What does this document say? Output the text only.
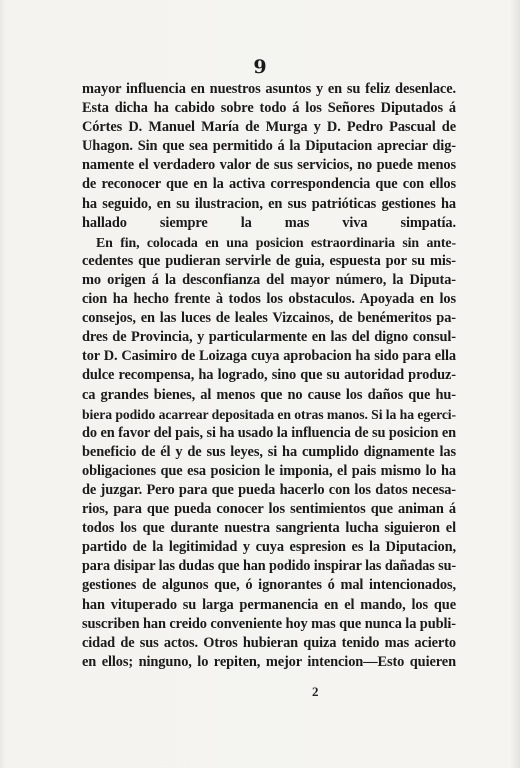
9
mayor influencia en nuestros asuntos y en su feliz desenlace.
Esta dicha ha cabido sobre todo á los Señores Diputados á
Córtes D. Manuel María de Murga y D. Pedro Pascual de
Uhagon. Sin que sea permitido á la Diputacion apreciar dig-
namente el verdadero valor de sus servicios, no puede menos
de reconocer que en la activa correspondencia que con ellos
ha seguido, en su ilustracion, en sus patrióticas gestiones ha
hallado siempre la mas viva simpatía.
En fin, colocada en una posicion estraordinaria sin ante-
cedentes que pudieran servirle de guia, espuesta por su mis-
mo origen á la desconfianza del mayor número, la Diputa-
cion ha hecho frente à todos los obstaculos. Apoyada en los
consejos, en las luces de leales Vizcainos, de benémeritos pa-
dres de Provincia, y particularmente en las del digno consul-
tor D. Casimiro de Loizaga cuya aprobacion ha sido para ella
dulce recompensa, ha logrado, sino que su autoridad produz-
ca grandes bienes, al menos que no cause los daños que hu-
biera podido acarrear depositada en otras manos. Si la ha egerci-
do en favor del pais, si ha usado la influencia de su posicion en
beneficio de él y de sus leyes, si ha cumplido dignamente las
obligaciones que esa posicion le imponia, el pais mismo lo ha
de juzgar. Pero para que pueda hacerlo con los datos necesa-
rios, para que pueda conocer los sentimientos que animan á
todos los que durante nuestra sangrienta lucha siguieron el
partido de la legitimidad y cuya espresion es la Diputacion,
para disipar las dudas que han podido inspirar las dañadas su-
gestiones de algunos que, ó ignorantes ó mal intencionados,
han vituperado su larga permanencia en el mando, los que
suscriben han creido conveniente hoy mas que nunca la publi-
cidad de sus actos. Otros hubieran quiza tenido mas acierto
en ellos; ninguno, lo repiten, mejor intencion—Esto quieren
2
